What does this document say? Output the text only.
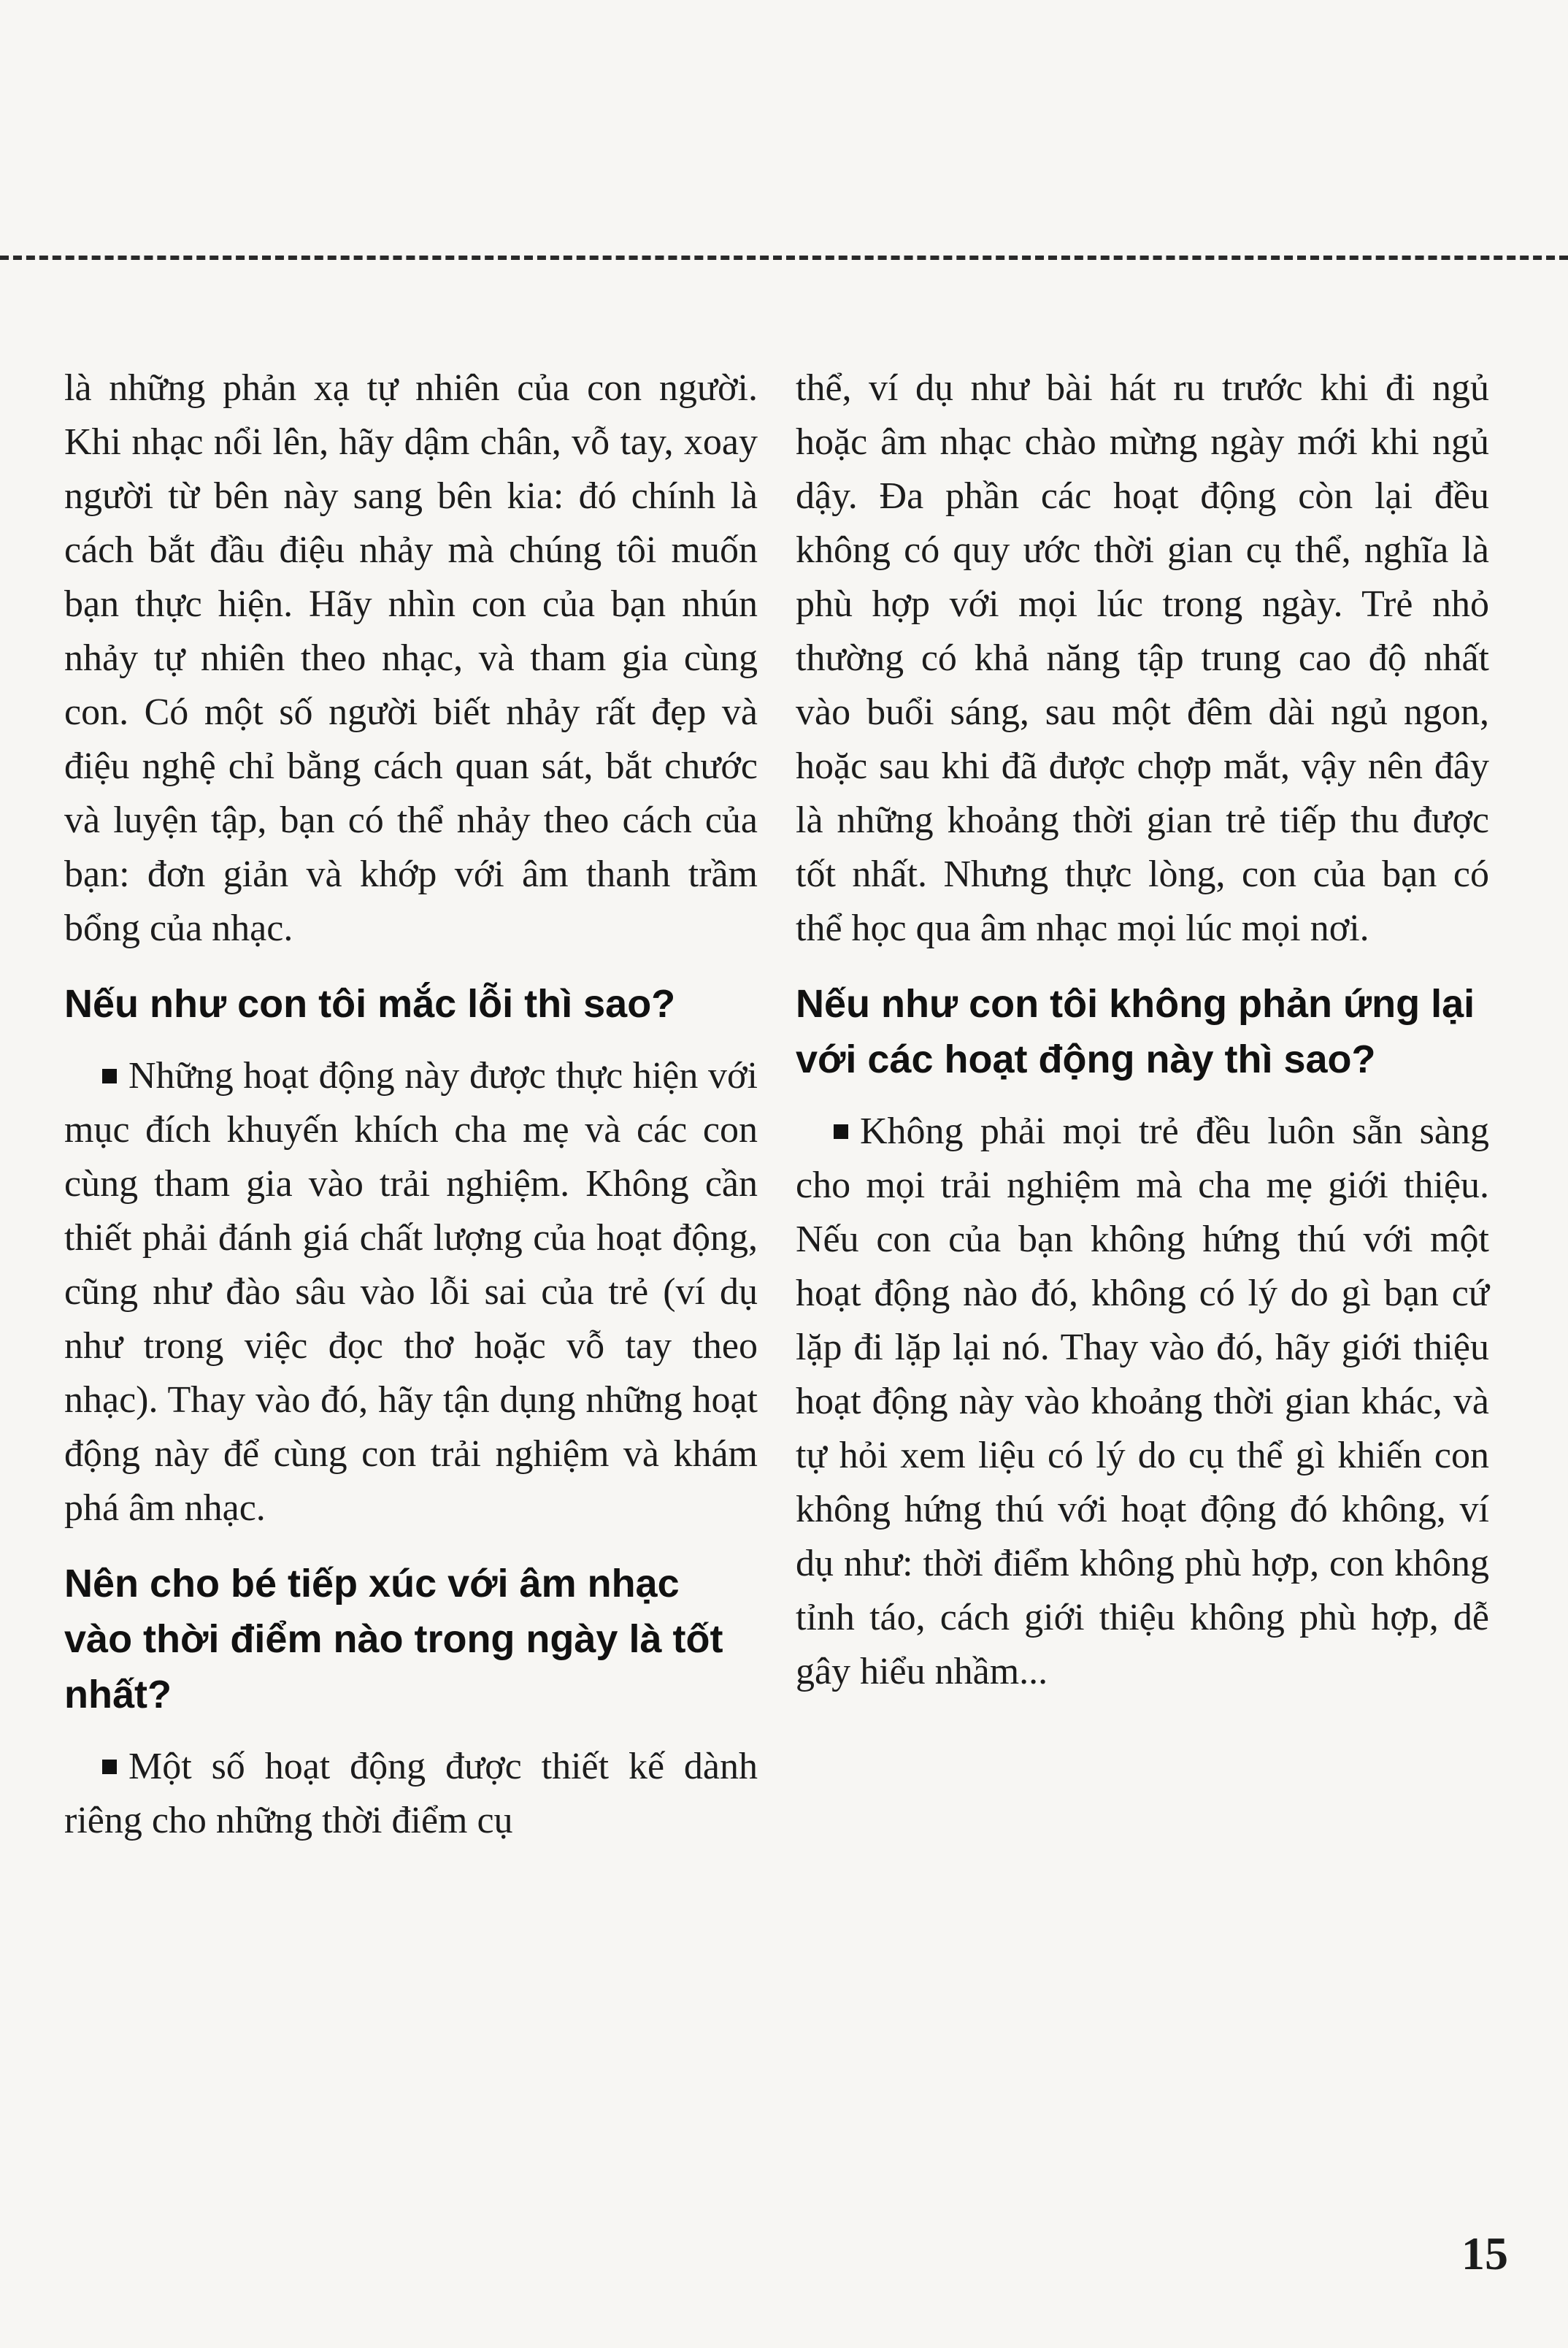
là những phản xạ tự nhiên của con người. Khi nhạc nổi lên, hãy dậm chân, vỗ tay, xoay người từ bên này sang bên kia: đó chính là cách bắt đầu điệu nhảy mà chúng tôi muốn bạn thực hiện. Hãy nhìn con của bạn nhún nhảy tự nhiên theo nhạc, và tham gia cùng con. Có một số người biết nhảy rất đẹp và điệu nghệ chỉ bằng cách quan sát, bắt chước và luyện tập, bạn có thể nhảy theo cách của bạn: đơn giản và khớp với âm thanh trầm bổng của nhạc.

Nếu như con tôi mắc lỗi thì sao?

Những hoạt động này được thực hiện với mục đích khuyến khích cha mẹ và các con cùng tham gia vào trải nghiệm. Không cần thiết phải đánh giá chất lượng của hoạt động, cũng như đào sâu vào lỗi sai của trẻ (ví dụ như trong việc đọc thơ hoặc vỗ tay theo nhạc). Thay vào đó, hãy tận dụng những hoạt động này để cùng con trải nghiệm và khám phá âm nhạc.

Nên cho bé tiếp xúc với âm nhạc vào thời điểm nào trong ngày là tốt nhất?

Một số hoạt động được thiết kế dành riêng cho những thời điểm cụ

thể, ví dụ như bài hát ru trước khi đi ngủ hoặc âm nhạc chào mừng ngày mới khi ngủ dậy. Đa phần các hoạt động còn lại đều không có quy ước thời gian cụ thể, nghĩa là phù hợp với mọi lúc trong ngày. Trẻ nhỏ thường có khả năng tập trung cao độ nhất vào buổi sáng, sau một đêm dài ngủ ngon, hoặc sau khi đã được chợp mắt, vậy nên đây là những khoảng thời gian trẻ tiếp thu được tốt nhất. Nhưng thực lòng, con của bạn có thể học qua âm nhạc mọi lúc mọi nơi.

Nếu như con tôi không phản ứng lại với các hoạt động này thì sao?

Không phải mọi trẻ đều luôn sẵn sàng cho mọi trải nghiệm mà cha mẹ giới thiệu. Nếu con của bạn không hứng thú với một hoạt động nào đó, không có lý do gì bạn cứ lặp đi lặp lại nó. Thay vào đó, hãy giới thiệu hoạt động này vào khoảng thời gian khác, và tự hỏi xem liệu có lý do cụ thể gì khiến con không hứng thú với hoạt động đó không, ví dụ như: thời điểm không phù hợp, con không tỉnh táo, cách giới thiệu không phù hợp, dễ gây hiểu nhầm...

15
